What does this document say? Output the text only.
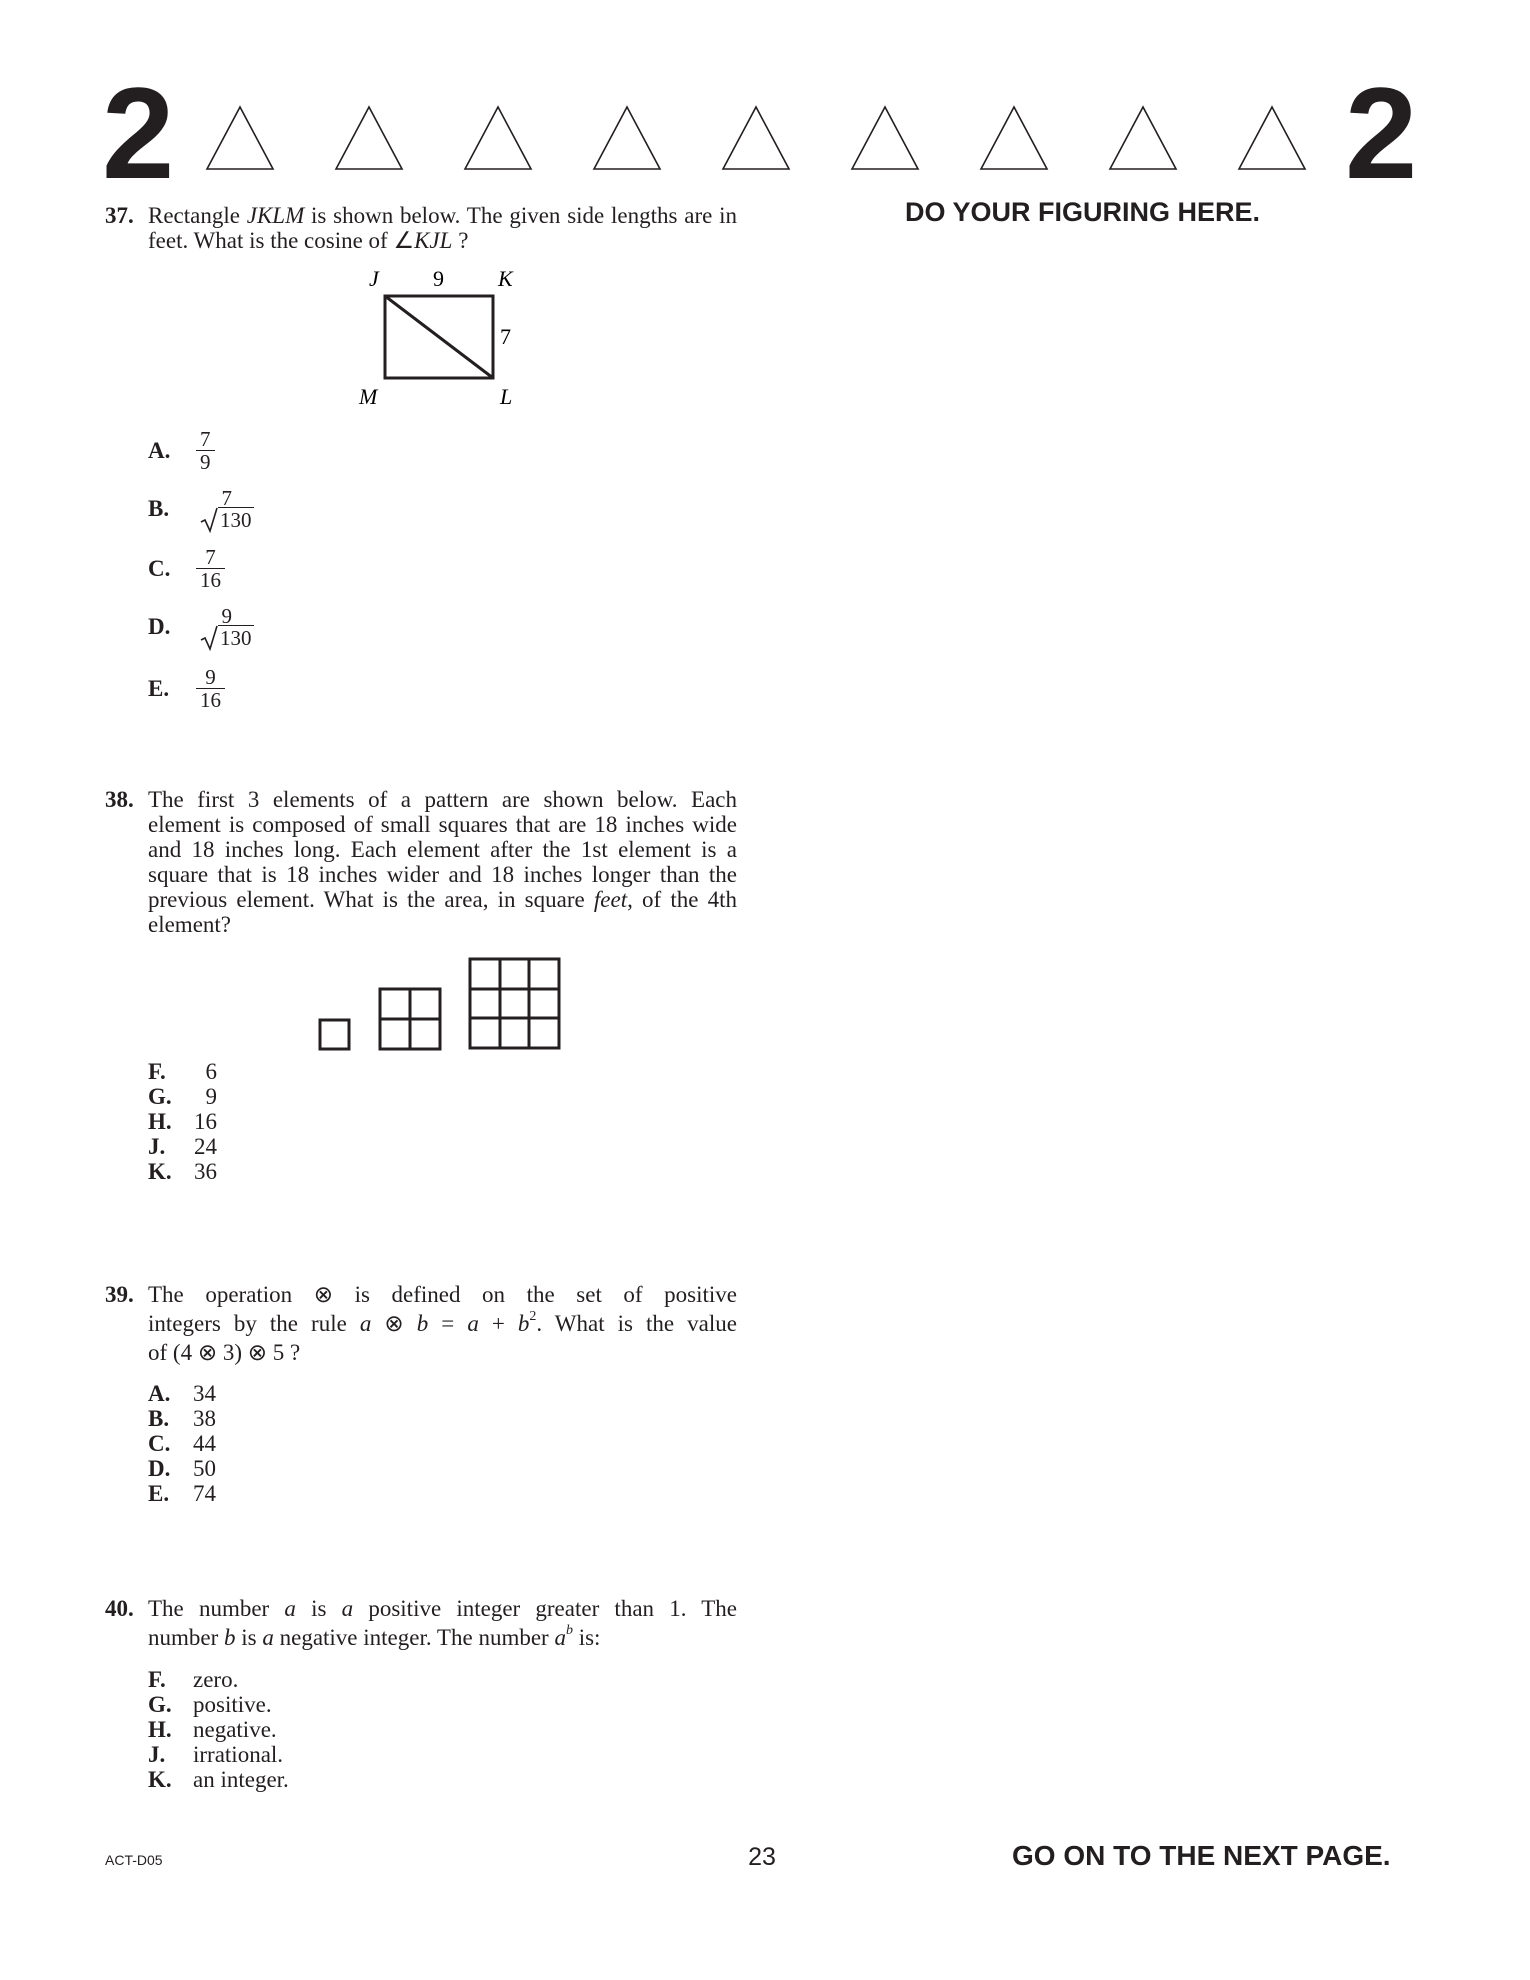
2	2
DO YOUR FIGURING HERE.
37. Rectangle JKLM is shown below. The given side lengths are in feet. What is the cosine of ∠KJL ?
J 9 K
7
M	L
A.	$\frac{7}{9}$
B.	7
130
C.	$\frac{7}{16}$
D.	9
130
E.	$\frac{9}{16}$
38. The first 3 elements of a pattern are shown below. Each element is composed of small squares that are 18 inches wide and 18 inches long. Each element after the 1st element is a square that is 18 inches wider and 18 inches longer than the previous element. What is the area, in square feet, of the 4th element?
F.	6
G.	9
H. 16
J.	24
K. 36
39. The operation ⊗ is defined on the set of positive
integers by the rule a ⊗ $b = a + b^2$. What is the value
of (4 ⊗ 3) ⊗ 5 ?
A. 34
B.	38
C. 44
D. 50
E.	74
40. The number a is a positive integer greater than 1. The
number b is a negative integer. The number $a^b$ is:
F.	zero.
G. positive.
H. negative.
J.	irrational.
K. an integer.
ACT-D05	23	GO ON TO THE NEXT PAGE.
